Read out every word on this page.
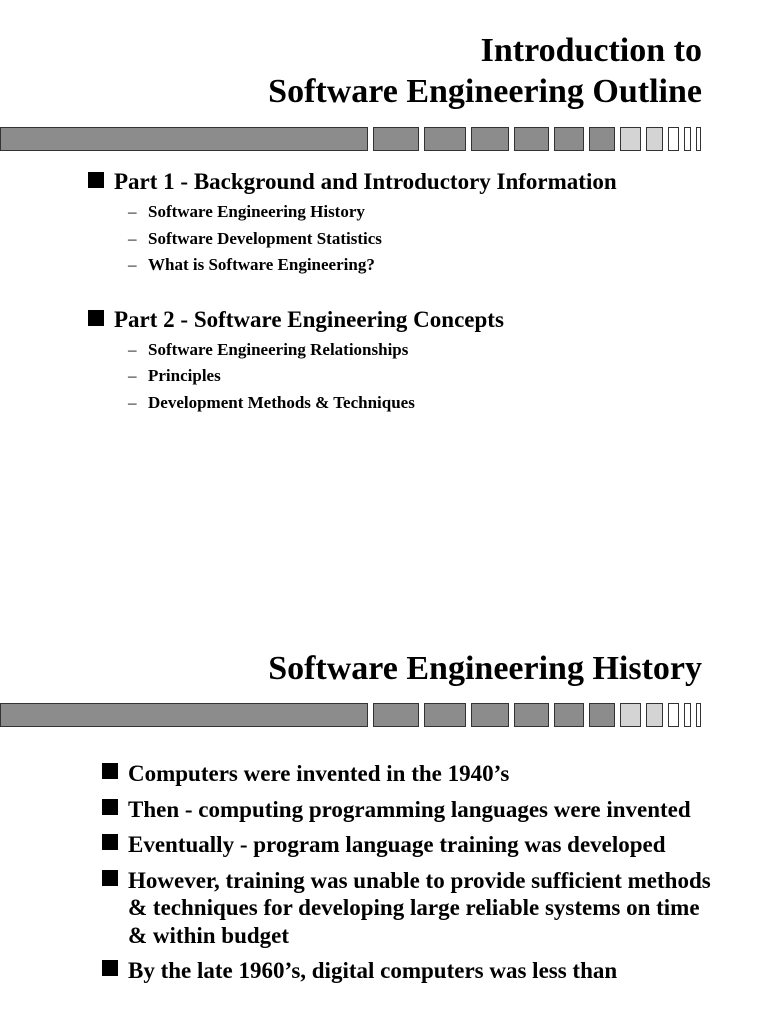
Introduction to
Software Engineering Outline
Part 1 - Background and Introductory Information
– Software Engineering History
– Software Development Statistics
– What is Software Engineering?
Part 2 - Software Engineering Concepts
– Software Engineering Relationships
– Principles
– Development Methods & Techniques
Software Engineering History
Computers were invented in the 1940’s
Then - computing programming languages were invented
Eventually - program language training was developed
However, training was unable to provide sufficient methods & techniques for developing large reliable systems on time & within budget
By the late 1960’s, digital computers was less than
